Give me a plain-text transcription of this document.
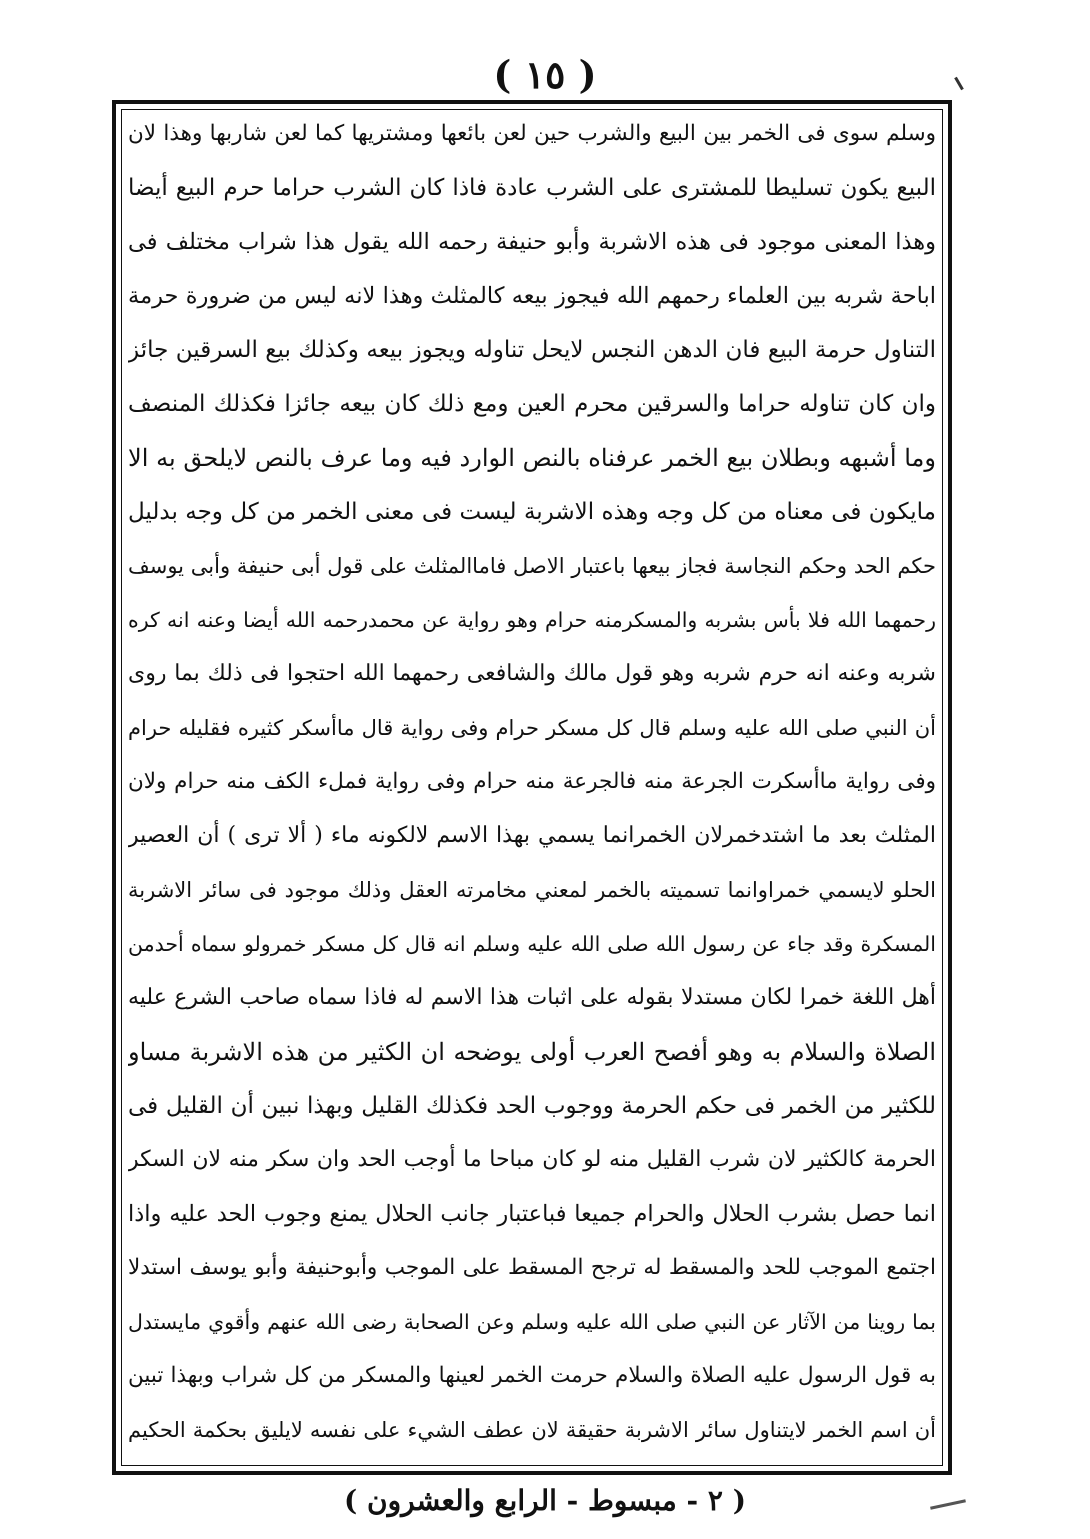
( ١٥ )
وسلم سوى فى الخمر بين البيع والشرب حين لعن بائعها ومشتريها كما لعن شاربها وهذا لان
البيع يكون تسليطا للمشترى على الشرب عادة فاذا كان الشرب حراما حرم البيع أيضا
وهذا المعنى موجود فى هذه الاشربة وأبو حنيفة رحمه الله يقول هذا شراب مختلف فى
اباحة شربه بين العلماء رحمهم الله فيجوز بيعه كالمثلث وهذا لانه ليس من ضرورة حرمة
التناول حرمة البيع فان الدهن النجس لايحل تناوله ويجوز بيعه وكذلك بيع السرقين جائز
وان كان تناوله حراما والسرقين محرم العين ومع ذلك كان بيعه جائزا فكذلك المنصف
وما أشبهه وبطلان بيع الخمر عرفناه بالنص الوارد فيه وما عرف بالنص لايلحق به الا
مايكون فى معناه من كل وجه وهذه الاشربة ليست فى معنى الخمر من كل وجه بدليل
حكم الحد وحكم النجاسة فجاز بيعها باعتبار الاصل فاماالمثلث على قول أبى حنيفة وأبى يوسف
رحمهما الله فلا بأس بشربه والمسكرمنه حرام وهو رواية عن محمدرحمه الله أيضا وعنه انه كره
شربه وعنه انه حرم شربه وهو قول مالك والشافعى رحمهما الله احتجوا فى ذلك بما روى
أن النبي صلى الله عليه وسلم قال كل مسكر حرام وفى رواية قال ماأسكر كثيره فقليله حرام
وفى رواية ماأسكرت الجرعة منه فالجرعة منه حرام وفى رواية فمل‌ء الكف منه حرام ولان
المثلث بعد ما اشتدخمرلان الخمرانما يسمي بهذا الاسم لالكونه ماء ( ألا ترى ) أن العصير
الحلو لايسمي خمراوانما تسميته بالخمر لمعني مخامرته العقل وذلك موجود فى سائر الاشربة
المسكرة وقد جاء عن رسول الله صلى الله عليه وسلم انه قال كل مسكر خمرولو سماه أحدمن
أهل اللغة خمرا لكان مستدلا بقوله على اثبات هذا الاسم له فاذا سماه صاحب الشرع عليه
الصلاة والسلام به وهو أفصح العرب أولى يوضحه ان الكثير من هذه الاشربة مساو
للكثير من الخمر فى حكم الحرمة ووجوب الحد فكذلك القليل وبهذا نبين أن القليل فى
الحرمة كالكثير لان شرب القليل منه لو كان مباحا ما أوجب الحد وان سكر منه لان السكر
انما حصل بشرب الحلال والحرام جميعا فباعتبار جانب الحلال يمنع وجوب الحد عليه واذا
اجتمع الموجب للحد والمسقط له ترجح المسقط على الموجب وأبوحنيفة وأبو يوسف استدلا
بما روينا من الآثار عن النبي صلى الله عليه وسلم وعن الصحابة رضى الله عنهم وأقوي مايستدل
به قول الرسول عليه الصلاة والسلام حرمت الخمر لعينها والمسكر من كل شراب وبهذا تبين
أن اسم الخمر لايتناول سائر الاشربة حقيقة لان عطف الشيء على نفسه لايليق بحكمة الحكيم
( ٢ - مبسوط - الرابع والعشرون )
